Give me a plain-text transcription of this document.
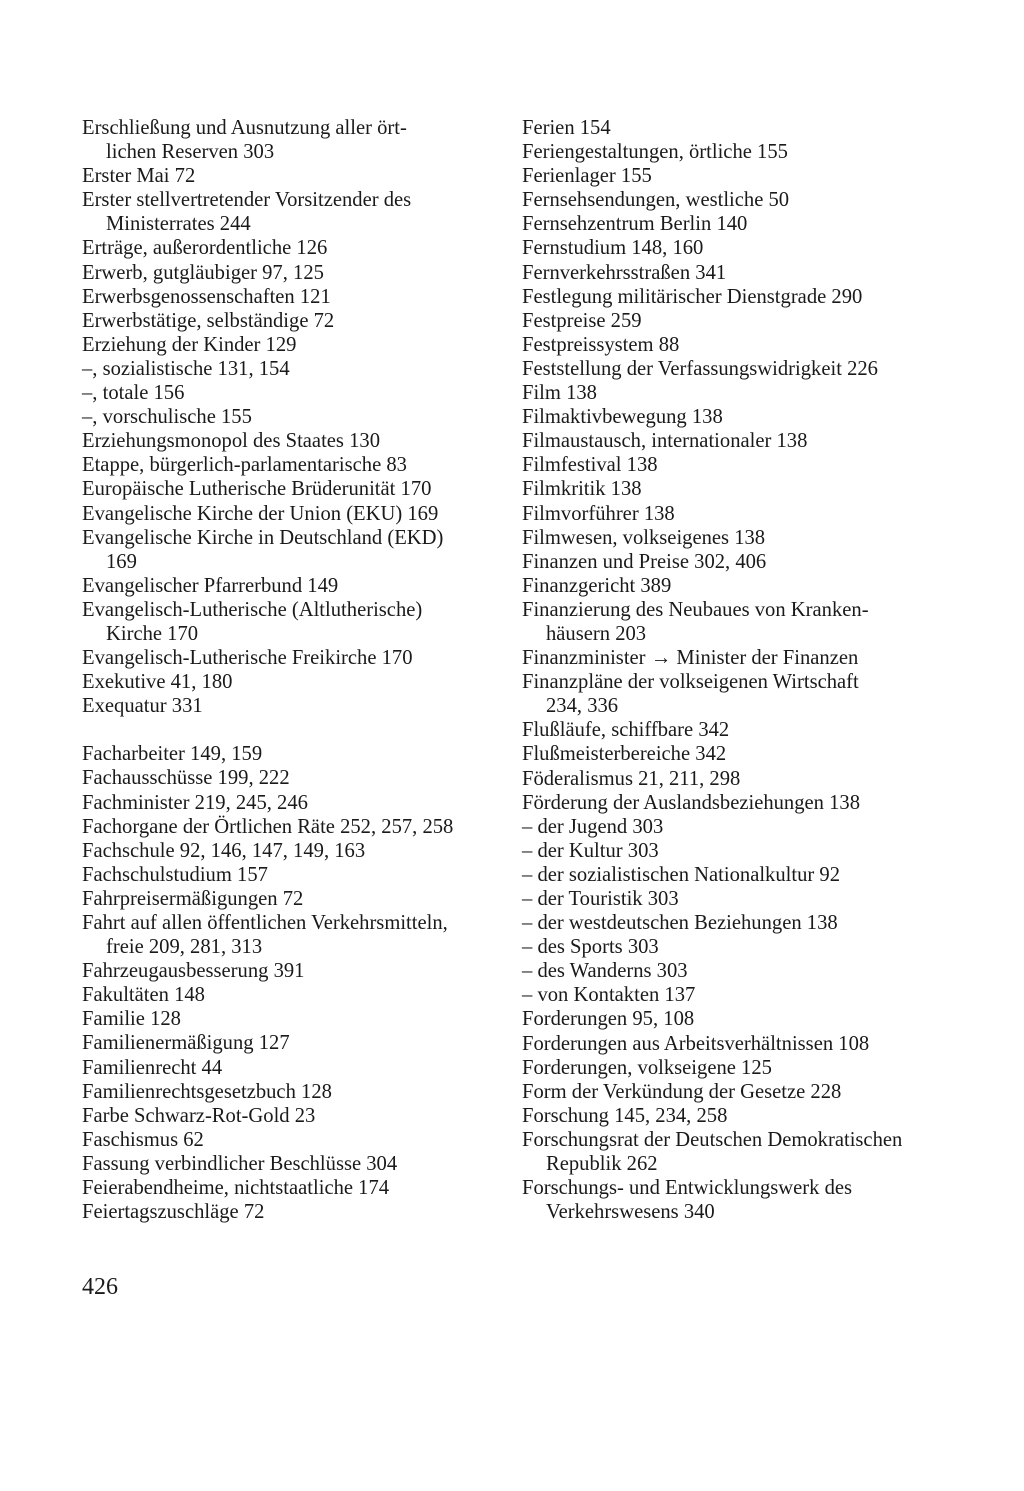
Erschließung und Ausnutzung aller ört-
lichen Reserven 303
Erster Mai 72
Erster stellvertretender Vorsitzender des
Ministerrates 244
Erträge, außerordentliche 126
Erwerb, gutgläubiger 97, 125
Erwerbsgenossenschaften 121
Erwerbstätige, selbständige 72
Erziehung der Kinder 129
–, sozialistische 131, 154
–, totale 156
–, vorschulische 155
Erziehungsmonopol des Staates 130
Etappe, bürgerlich-parlamentarische 83
Europäische Lutherische Brüderunität 170
Evangelische Kirche der Union (EKU) 169
Evangelische Kirche in Deutschland (EKD)
169
Evangelischer Pfarrerbund 149
Evangelisch-Lutherische (Altlutherische)
Kirche 170
Evangelisch-Lutherische Freikirche 170
Exekutive 41, 180
Exequatur 331
Facharbeiter 149, 159
Fachausschüsse 199, 222
Fachminister 219, 245, 246
Fachorgane der Örtlichen Räte 252, 257, 258
Fachschule 92, 146, 147, 149, 163
Fachschulstudium 157
Fahrpreisermäßigungen 72
Fahrt auf allen öffentlichen Verkehrsmitteln,
freie 209, 281, 313
Fahrzeugausbesserung 391
Fakultäten 148
Familie 128
Familienermäßigung 127
Familienrecht 44
Familienrechtsgesetzbuch 128
Farbe Schwarz-Rot-Gold 23
Faschismus 62
Fassung verbindlicher Beschlüsse 304
Feierabendheime, nichtstaatliche 174
Feiertagszuschläge 72
Ferien 154
Feriengestaltungen, örtliche 155
Ferienlager 155
Fernsehsendungen, westliche 50
Fernsehzentrum Berlin 140
Fernstudium 148, 160
Fernverkehrsstraßen 341
Festlegung militärischer Dienstgrade 290
Festpreise 259
Festpreissystem 88
Feststellung der Verfassungswidrigkeit 226
Film 138
Filmaktivbewegung 138
Filmaustausch, internationaler 138
Filmfestival 138
Filmkritik 138
Filmvorführer 138
Filmwesen, volkseigenes 138
Finanzen und Preise 302, 406
Finanzgericht 389
Finanzierung des Neubaues von Kranken-
häusern 203
Finanzminister → Minister der Finanzen
Finanzpläne der volkseigenen Wirtschaft
234, 336
Flußläufe, schiffbare 342
Flußmeisterbereiche 342
Föderalismus 21, 211, 298
Förderung der Auslandsbeziehungen 138
– der Jugend 303
– der Kultur 303
– der sozialistischen Nationalkultur 92
– der Touristik 303
– der westdeutschen Beziehungen 138
– des Sports 303
– des Wanderns 303
– von Kontakten 137
Forderungen 95, 108
Forderungen aus Arbeitsverhältnissen 108
Forderungen, volkseigene 125
Form der Verkündung der Gesetze 228
Forschung 145, 234, 258
Forschungsrat der Deutschen Demokratischen
Republik 262
Forschungs- und Entwicklungswerk des
Verkehrswesens 340
426
